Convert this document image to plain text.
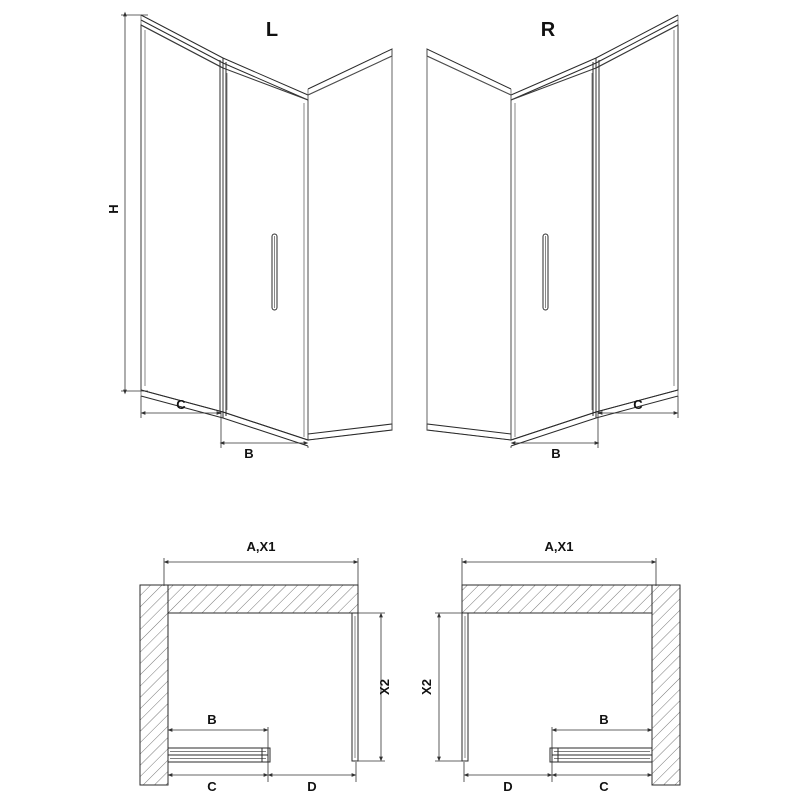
H
C
B
L
C
B
R
A,X1
X2
B
C	D
A,X1
X2
B
D	C
